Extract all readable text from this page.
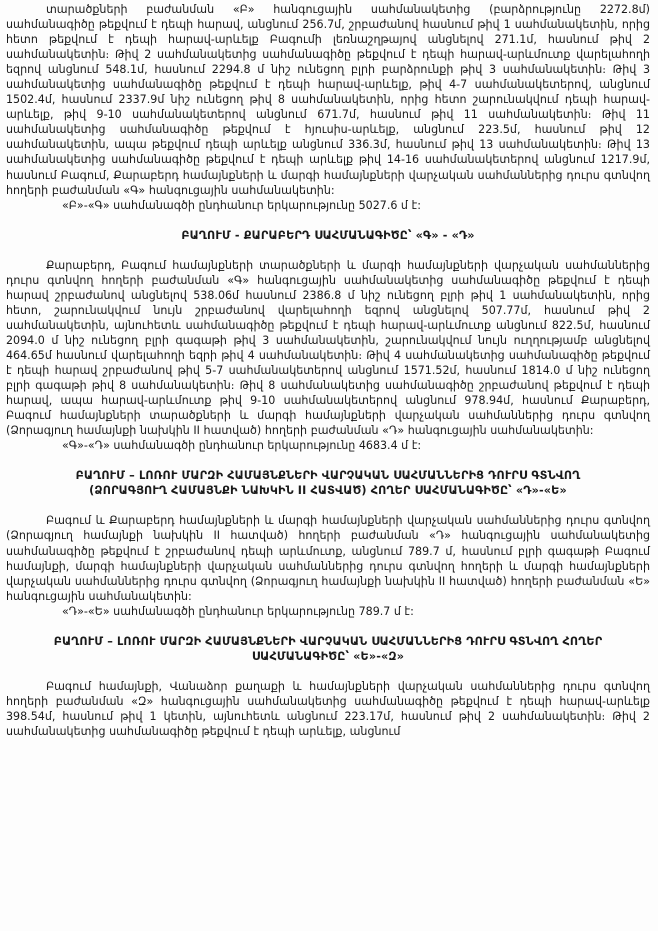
տարածքների բաժանման «Բ» հանգուցային սահմանակետից (բարձրությունը 2272.8մ) սահմանագիծը թեքվում է դեպի հարավ, անցնում 256.7մ, շրբաժանով հասնում թիվ 1 սահմանակետին, որից հետո թեքվում է դեպի հարավ-արևելք Բագումի լեռնաշղթայով անցնելով 271.1մ, հասնում թիվ 2 սահմանակետին։ Թիվ 2 սահմանակետից սահմանագիծը թեքվում է դեպի հարավ-արևմուտք վարելահողի եզրով անցնում 548.1մ, հասնում 2294.8 մ նիշ ունեցող բլրի բարձրունքի թիվ 3 սահմանակետին։ Թիվ 3 սահմանակետից սահմանագիծը թեքվում է դեպի հարավ-արևելք, թիվ 4-7 սահմանակետերով, անցնում 1502.4մ, հասնում 2337.9մ նիշ ունեցող թիվ 8 սահմանակետին, որից հետո շարունակվում դեպի հարավ-արևելք, թիվ 9-10 սահմանակետերով անցնում 671.7մ, հասնում թիվ 11 սահմանակետին։ Թիվ 11 սահմանակետից սահմանագիծը թեքվում է հյուսիս-արևելք, անցնում 223.5մ, հասնում թիվ 12 սահմանակետին, ապա թեքվում դեպի արևելք անցնում 336.3մ, հասնում թիվ 13 սահմանակետին։ Թիվ 13 սահմանակետից սահմանագիծը թեքվում է դեպի արևելք թիվ 14-16 սահմանակետերով անցնում 1217.9մ, հասնում Բագում, Քարաբերդ համայնքների և մարգի համայնքների վարչական սահմաններից դուրս գտնվող հողերի բաժանման «Գ» հանգուցային սահմանակետին:

«Բ»-«Գ» սահմանագծի ընդհանուր երկարությունը 5027.6 մ է:

ԲԱՂՈՒՄ - ՔԱՐԱԲԵՐԴ ՍԱՀՄԱՆԱԳԻԾԸ՝ «Գ» - «Դ»

Քարաբերդ, Բագում համայնքների տարածքների և մարգի համայնքների վարչական սահմաններից դուրս գտնվող հողերի բաժանման «Գ» հանգուցային սահմանակետից սահմանագիծը թեքվում է դեպի հարավ շրբաժանով անցնելով 538.06մ հասնում 2386.8 մ նիշ ունեցող բլրի թիվ 1 սահմանակետին, որից հետո, շարունակվում նույն շրբաժանով վարելահողի եզրով անցնելով 507.77մ, հասնում թիվ 2 սահմանակետին, այնուհետև սահմանագիծը թեքվում է դեպի հարավ-արևմուտք անցնում 822.5մ, հասնում 2094.0 մ նիշ ունեցող բլրի գագաթի թիվ 3 սահմանակետին, շարունակվում նույն ուղղությամբ անցնելով 464.65մ հասնում վարելահողի եզրի թիվ 4 սահմանակետին։ Թիվ 4 սահմանակետից սահմանագիծը թեքվում է դեպի հարավ շրբաժանով թիվ 5-7 սահմանակետերով անցնում 1571.52մ, հասնում 1814.0 մ նիշ ունեցող բլրի գագաթի թիվ 8 սահմանակետին։ Թիվ 8 սահմանակետից սահմանագիծը շրբաժանով թեքվում է դեպի հարավ, ապա հարավ-արևմուտք թիվ 9-10 սահմանակետերով անցնում 978.94մ, հասնում Քարաբերդ, Բագում համայնքների տարածքների և մարգի համայնքների վարչական սահմաններից դուրս գտնվող (Ձորագյուղ համայնքի նախկին II հատված) հողերի բաժանման «Դ» հանգուցային սահմանակետին:

«Գ»-«Դ» սահմանագծի ընդհանուր երկարությունը 4683.4 մ է:

ԲԱՂՈՒՄ – ԼՈՌՈՒ ՄԱՐԶԻ ՀԱՄԱՅՆՔՆԵՐԻ ՎԱՐՉԱԿԱՆ ՍԱՀՄԱՆՆԵՐԻՑ ԴՈՒՐՍ ԳՏՆՎՈՂ
(ՁՈՐԱԳՅՈՒՂ ՀԱՄԱՅՆՔԻ ՆԱԽԿԻՆ II ՀԱՏՎԱԾ) ՀՈՂԵՐ ՍԱՀՄԱՆԱԳԻԾԸ՝ «Դ»-«Ե»

Բագում և Քարաբերդ համայնքների և մարգի համայնքների վարչական սահմաններից դուրս գտնվող (Ձորագյուղ համայնքի նախկին II հատված) հողերի բաժանման «Դ» հանգուցային սահմանակետից սահմանագիծը թեքվում է շրբաժանով դեպի արևմուտք, անցնում 789.7 մ, հասնում բլրի գագաթի Բագում համայնքի, մարգի համայնքների վարչական սահմաններից դուրս գտնվող հողերի և մարգի համայնքների վարչական սահմաններից դուրս գտնվող (Ձորագյուղ համայնքի նախկին II հատված) հողերի բաժանման «Ե» հանգուցային սահմանակետին:

«Դ»-«Ե» սահմանագծի ընդհանուր երկարությունը 789.7 մ է:

ԲԱՂՈՒՄ – ԼՈՌՈՒ ՄԱՐԶԻ ՀԱՄԱՅՆՔՆԵՐԻ ՎԱՐՉԱԿԱՆ ՍԱՀՄԱՆՆԵՐԻՑ ԴՈՒՐՍ ԳՏՆՎՈՂ ՀՈՂԵՐ
ՍԱՀՄԱՆԱԳԻԾԸ՝ «Ե»-«Զ»

Բագում համայնքի, Վանաձոր քաղաքի և համայնքների վարչական սահմաններից դուրս գտնվող հողերի բաժանման «Զ» հանգուցային սահմանակետից սահմանագիծը թեքվում է դեպի հարավ-արևելք 398.54մ, հասնում թիվ 1 կետին, այնուհետև անցնում 223.17մ, հասնում թիվ 2 սահմանակետին։ Թիվ 2 սահմանակետից սահմանագիծը թեքվում է դեպի արևելք, անցնում
